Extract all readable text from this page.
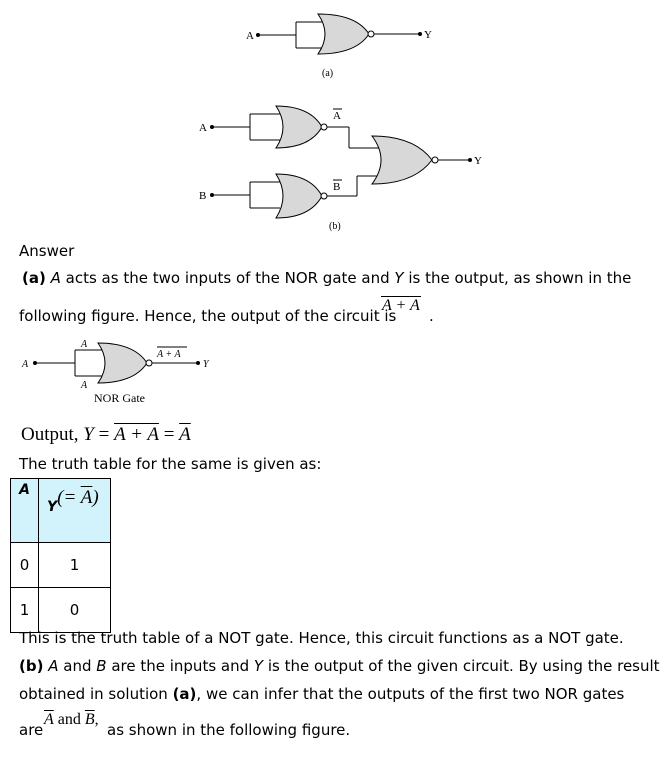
A	Y
(a)
A
B
A
B
Y
(b)
Answer
(a) A acts as the two inputs of the NOR gate and Y is the output, as shown in the
following figure. Hence, the output of the circuit is
A + A
.
A
A
A
A + A
Y
NOR Gate
Output, $Y = A + A = \overline{A}$
The truth table for the same is given as:
A	$Y(= \overline{A})$

0	1
1	0
This is the truth table of a NOT gate. Hence, this circuit functions as a NOT gate.
(b) A and B are the inputs and Y is the output of the given circuit. By using the result
obtained in solution (a), we can infer that the outputs of the first two NOR gates
are
$\overline{A}$ and $\overline{B}$,
as shown in the following figure.
